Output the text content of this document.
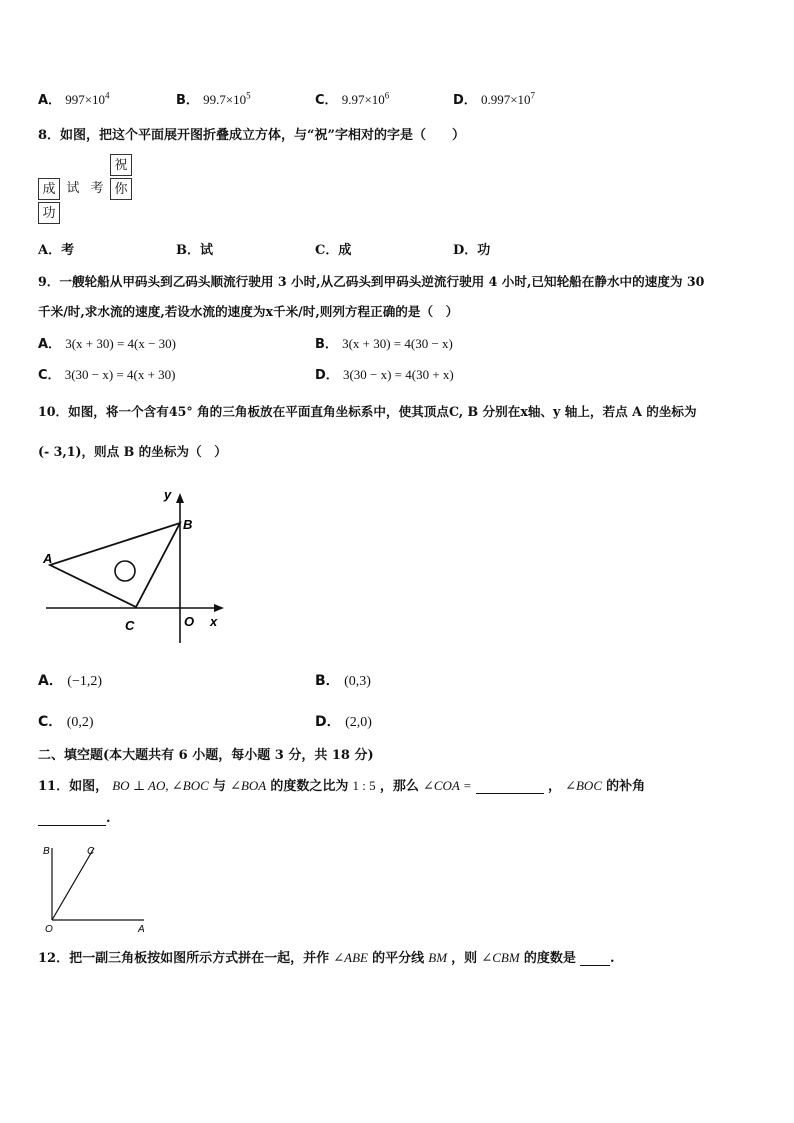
A． $997\times 10^4$	B． $99.7\times 10^5$	C． $9.97\times 10^6$	D． $0.997\times 10^7$
8．如图，把这个平面展开图折叠成立方体，与“祝”字相对的字是（　　）
祝
成 试 考 你
功
A．考	B．试	C．成	D．功
9．一艘轮船从甲码头到乙码头顺流行驶用 3 小时,从乙码头到甲码头逆流行驶用 4 小时,已知轮船在静水中的速度为 30
千米/时,求水流的速度,若设水流的速度为x千米/时,则列方程正确的是（　）
A． 3(x + 30) = 4(x − 30)	B． 3(x + 30) = 4(30 − x)
C． 3(30 − x) = 4(x + 30)	D． 3(30 − x) = 4(30 + x)
10．如图，将一个含有45° 角的三角板放在平面直角坐标系中，使其顶点C, B 分别在x轴、y 轴上，若点 A 的坐标为
(- 3,1)，则点 B 的坐标为（　）
y
x
A
B
C	O
A． (−1,2)	B． (0,3)
C． (0,2)	D． (2,0)
二、填空题(本大题共有 6 小题，每小题 3 分，共 18 分)
11．如图， BO ⊥ AO, ∠BOC 与 ∠BOA 的度数之比为 1 : 5 ，那么 ∠COA =	， ∠BOC 的补角
.
B	C
O	A
12．把一副三角板按如图所示方式拼在一起，并作 ∠ABE 的平分线 BM ，则 ∠CBM 的度数是	.
